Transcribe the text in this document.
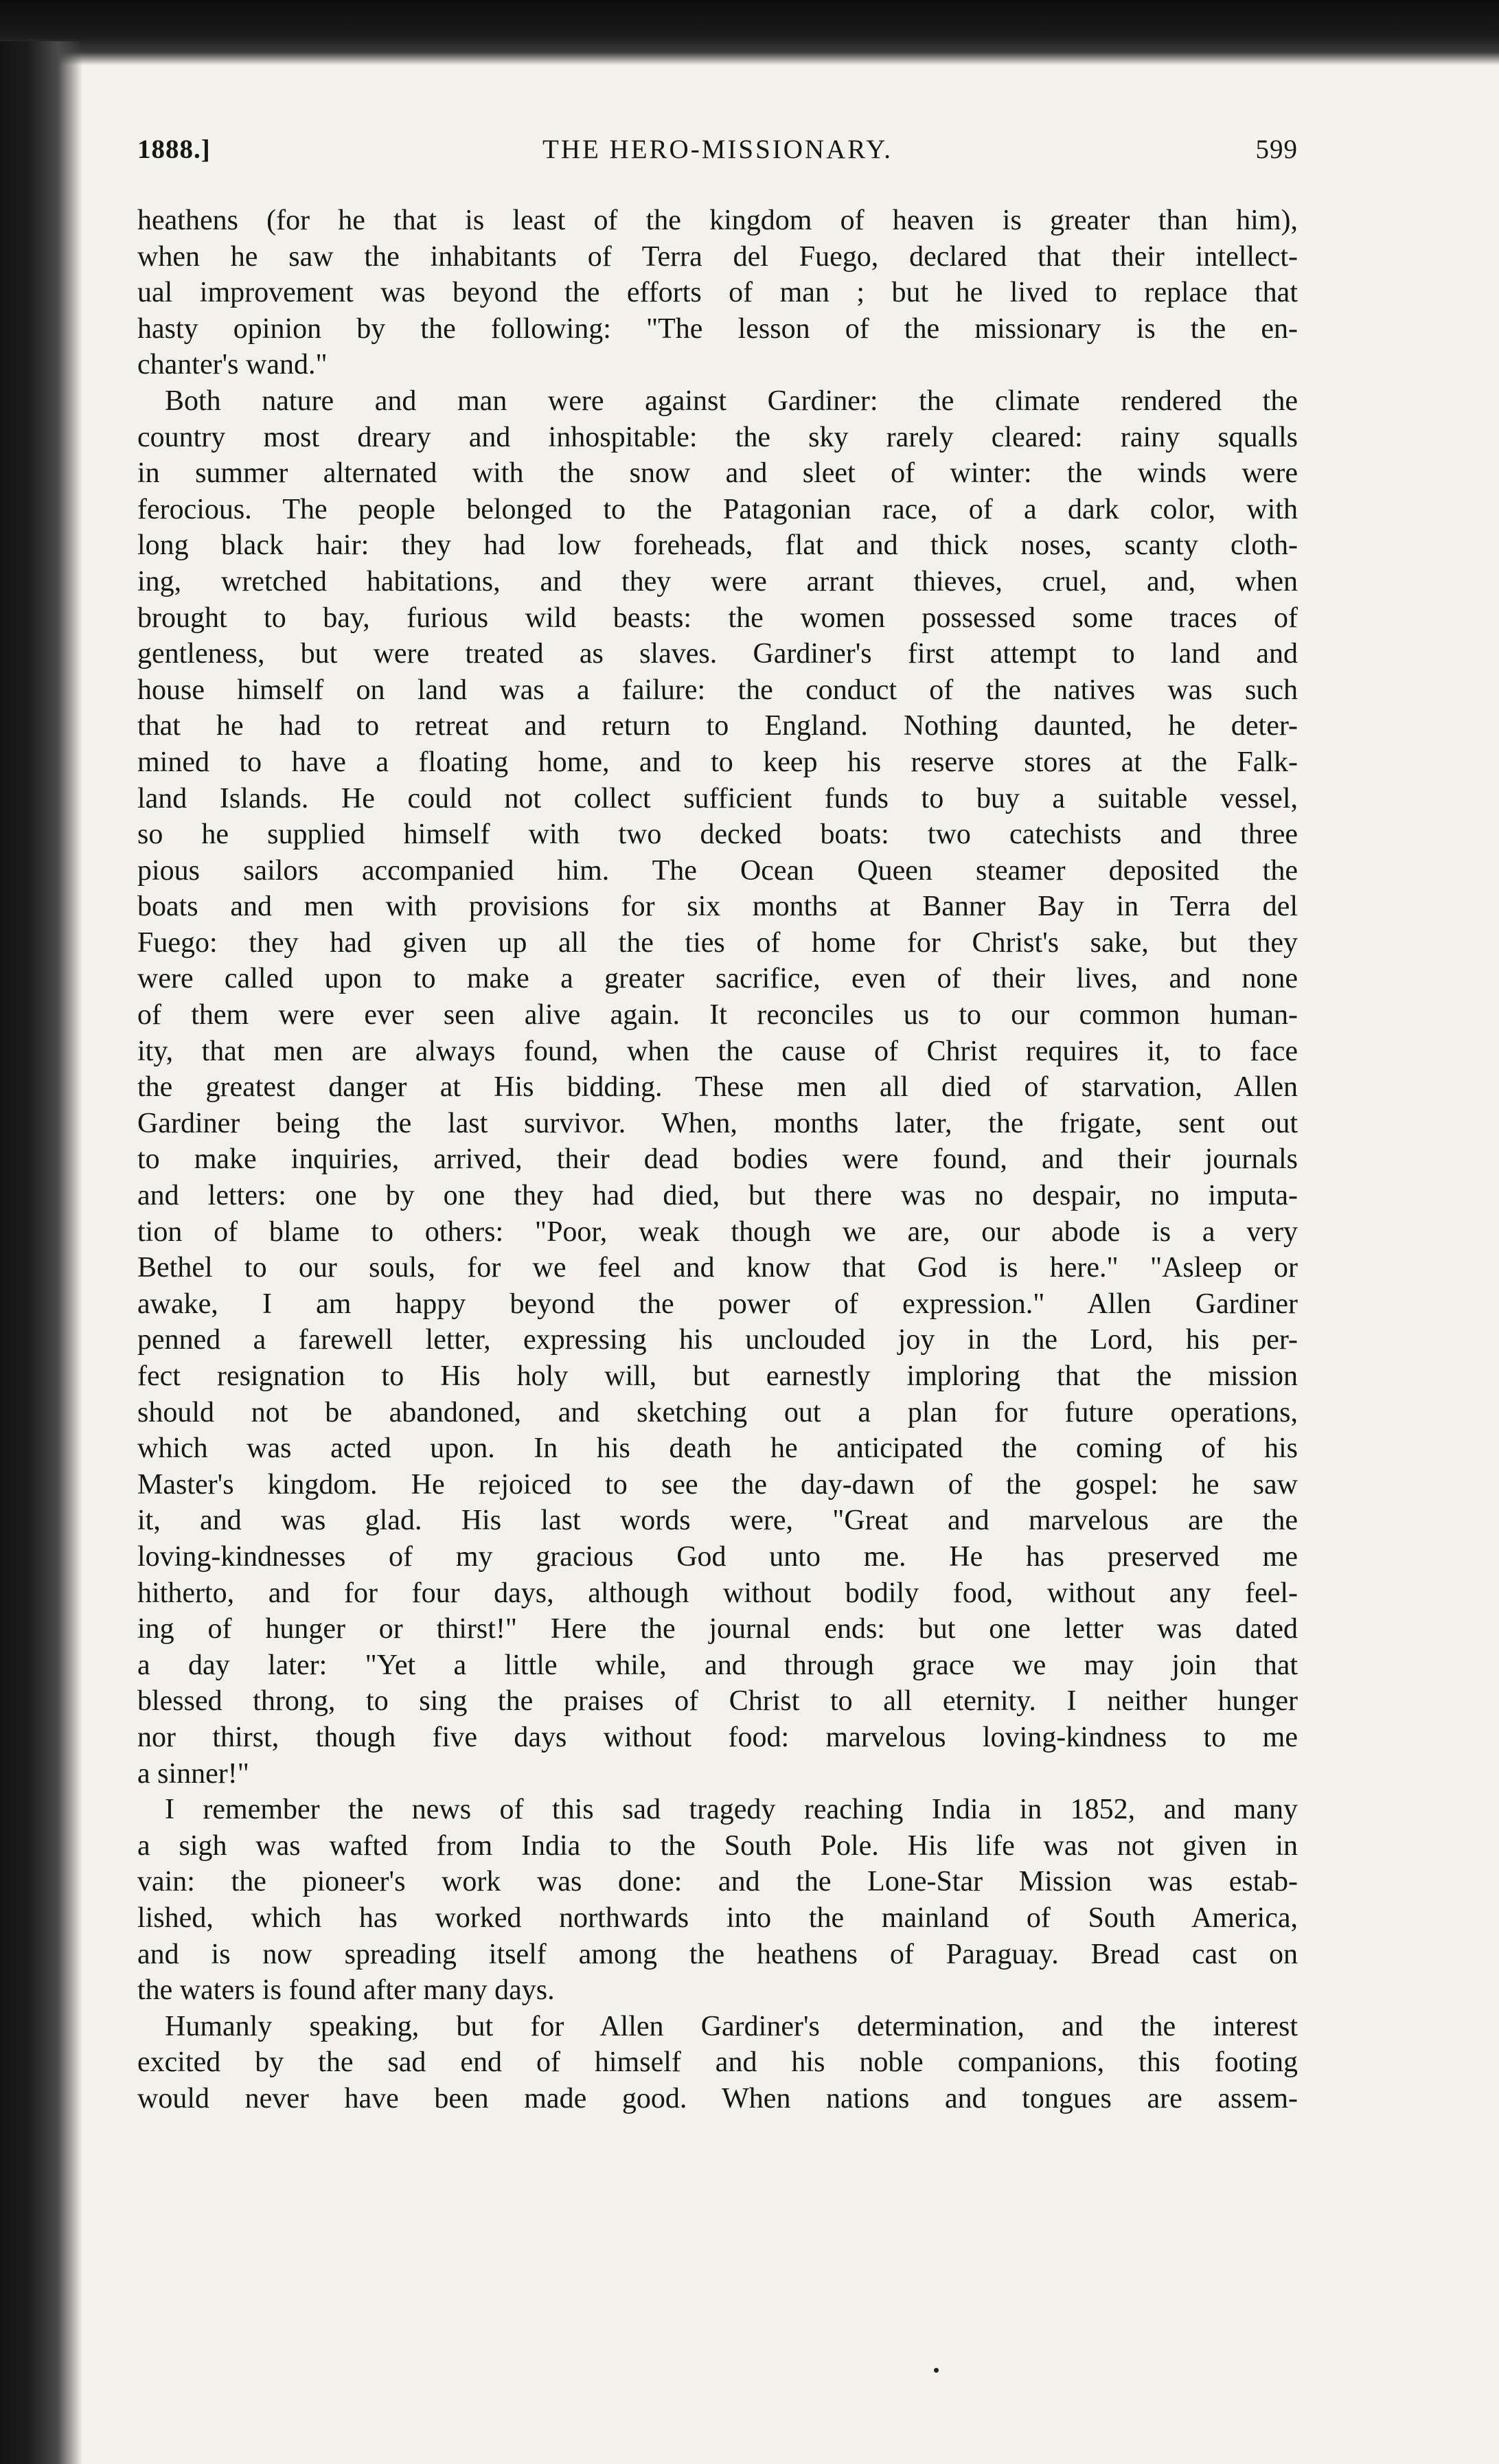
1888.]	THE HERO-MISSIONARY.	599

heathens (for he that is least of the kingdom of heaven is greater than him),
when he saw the inhabitants of Terra del Fuego, declared that their intellect-
ual improvement was beyond the efforts of man ; but he lived to replace that
hasty opinion by the following: "The lesson of the missionary is the en-
chanter's wand."

Both nature and man were against Gardiner: the climate rendered the
country most dreary and inhospitable: the sky rarely cleared: rainy squalls
in summer alternated with the snow and sleet of winter: the winds were
ferocious. The people belonged to the Patagonian race, of a dark color, with
long black hair: they had low foreheads, flat and thick noses, scanty cloth-
ing, wretched habitations, and they were arrant thieves, cruel, and, when
brought to bay, furious wild beasts: the women possessed some traces of
gentleness, but were treated as slaves. Gardiner's first attempt to land and
house himself on land was a failure: the conduct of the natives was such
that he had to retreat and return to England. Nothing daunted, he deter-
mined to have a floating home, and to keep his reserve stores at the Falk-
land Islands. He could not collect sufficient funds to buy a suitable vessel,
so he supplied himself with two decked boats: two catechists and three
pious sailors accompanied him. The Ocean Queen steamer deposited the
boats and men with provisions for six months at Banner Bay in Terra del
Fuego: they had given up all the ties of home for Christ's sake, but they
were called upon to make a greater sacrifice, even of their lives, and none
of them were ever seen alive again. It reconciles us to our common human-
ity, that men are always found, when the cause of Christ requires it, to face
the greatest danger at His bidding. These men all died of starvation, Allen
Gardiner being the last survivor. When, months later, the frigate, sent out
to make inquiries, arrived, their dead bodies were found, and their journals
and letters: one by one they had died, but there was no despair, no imputa-
tion of blame to others: "Poor, weak though we are, our abode is a very
Bethel to our souls, for we feel and know that God is here." "Asleep or
awake, I am happy beyond the power of expression." Allen Gardiner
penned a farewell letter, expressing his unclouded joy in the Lord, his per-
fect resignation to His holy will, but earnestly imploring that the mission
should not be abandoned, and sketching out a plan for future operations,
which was acted upon. In his death he anticipated the coming of his
Master's kingdom. He rejoiced to see the day-dawn of the gospel: he saw
it, and was glad. His last words were, "Great and marvelous are the
loving-kindnesses of my gracious God unto me. He has preserved me
hitherto, and for four days, although without bodily food, without any feel-
ing of hunger or thirst!" Here the journal ends: but one letter was dated
a day later: "Yet a little while, and through grace we may join that
blessed throng, to sing the praises of Christ to all eternity. I neither hunger
nor thirst, though five days without food: marvelous loving-kindness to me
a sinner!"

I remember the news of this sad tragedy reaching India in 1852, and many
a sigh was wafted from India to the South Pole. His life was not given in
vain: the pioneer's work was done: and the Lone-Star Mission was estab-
lished, which has worked northwards into the mainland of South America,
and is now spreading itself among the heathens of Paraguay. Bread cast on
the waters is found after many days.

Humanly speaking, but for Allen Gardiner's determination, and the interest
excited by the sad end of himself and his noble companions, this footing
would never have been made good. When nations and tongues are assem-
